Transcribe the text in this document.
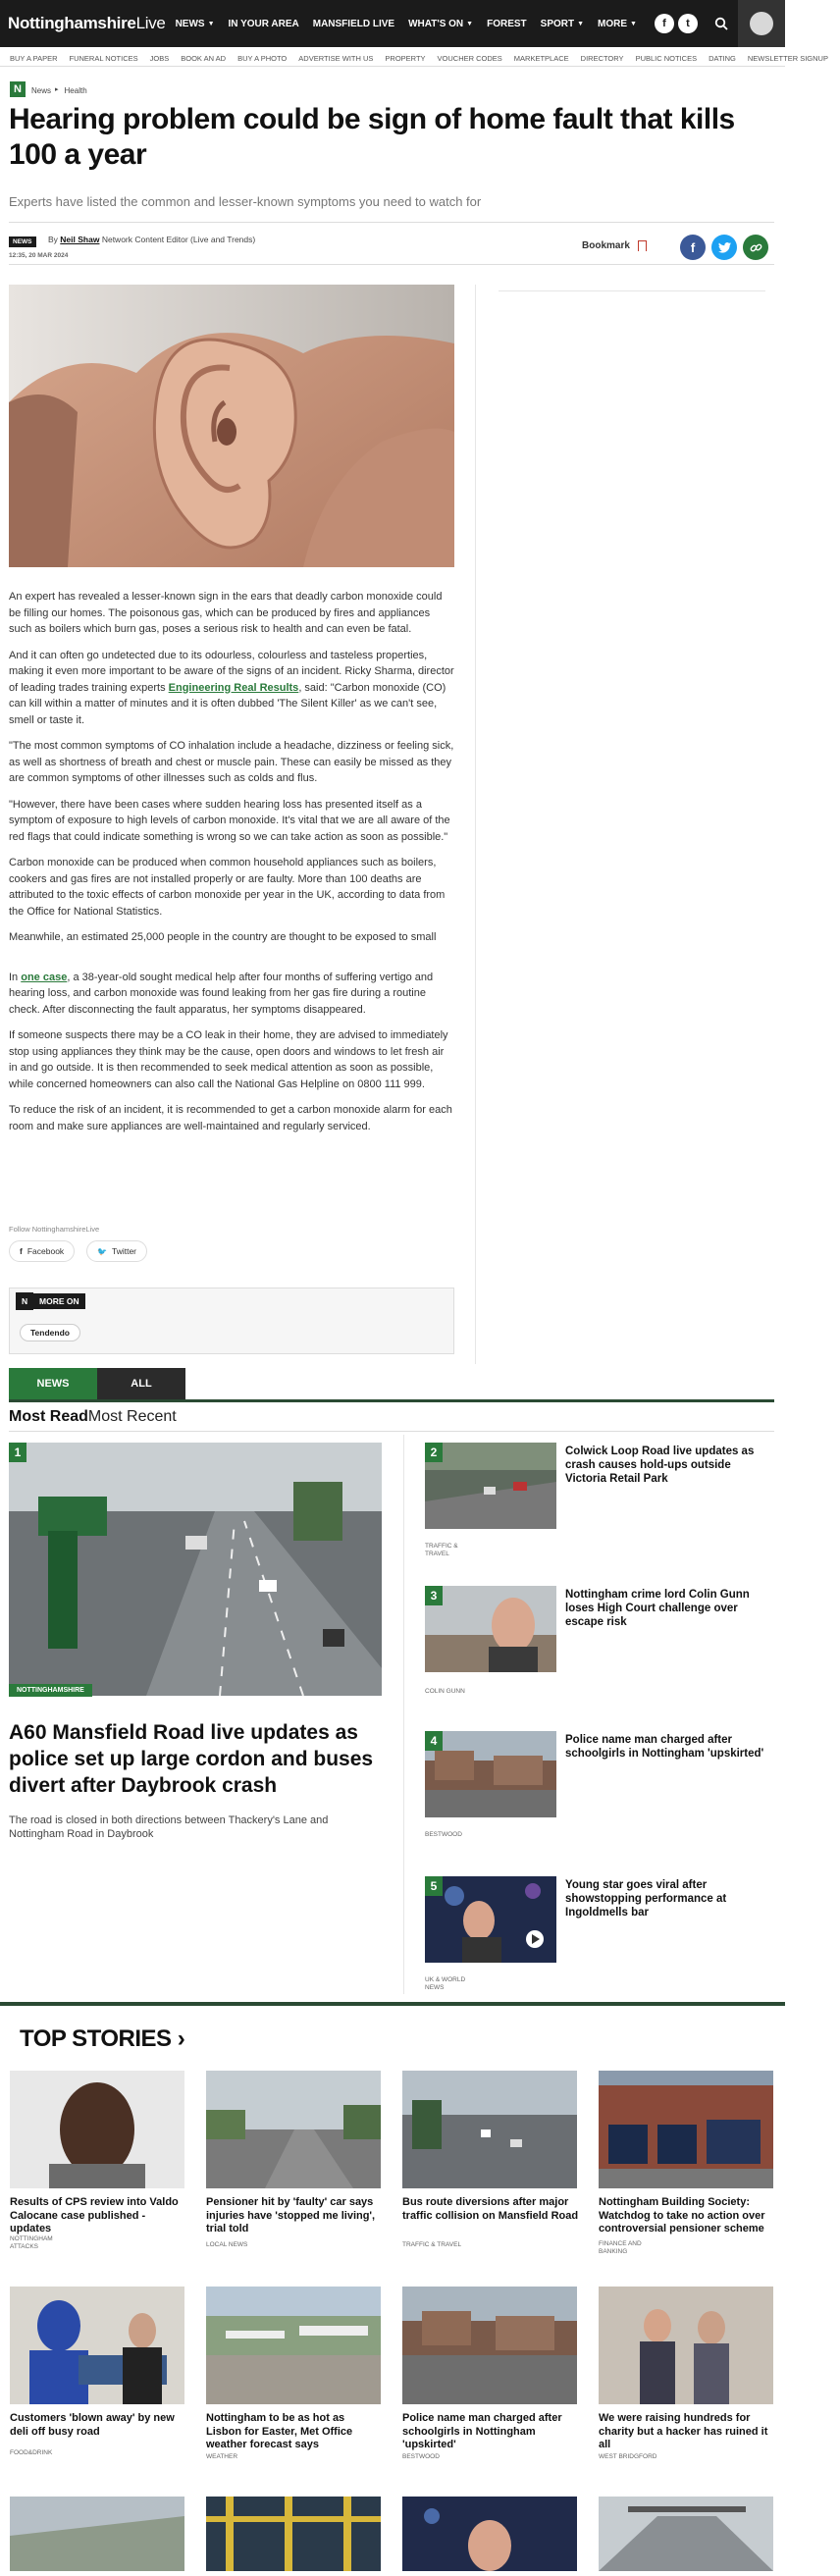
NottinghamshireLive NEWS ▼ IN YOUR AREA MANSFIELD LIVE WHAT'S ON ▼ FOREST SPORT ▼ MORE ▼	f	t
BUY A PAPER	FUNERAL NOTICES	JOBS	BOOK AN AD	BUY A PHOTO	ADVERTISE WITH US	PROPERTY	VOUCHER CODES	MARKETPLACE	DIRECTORY	PUBLIC NOTICES	DATING	NEWSLETTER SIGNUP
N	News ▸ Health
Hearing problem could be sign of home fault that kills 100 a year

Experts have listed the common and lesser-known symptoms you need to watch for

NEWS	By Neil Shaw Network Content Editor (Live and Trends)
12:35, 20 MAR 2024
Bookmark	f

An expert has revealed a lesser-known sign in the ears that deadly carbon monoxide could be filling our homes. The poisonous gas, which can be produced by fires and appliances such as boilers which burn gas, poses a serious risk to health and can even be fatal.

And it can often go undetected due to its odourless, colourless and tasteless properties, making it even more important to be aware of the signs of an incident. Ricky Sharma, director of leading trades training experts Engineering Real Results, said: "Carbon monoxide (CO) can kill within a matter of minutes and it is often dubbed 'The Silent Killer' as we can't see, smell or taste it.

"The most common symptoms of CO inhalation include a headache, dizziness or feeling sick, as well as shortness of breath and chest or muscle pain. These can easily be missed as they are common symptoms of other illnesses such as colds and flus.

"However, there have been cases where sudden hearing loss has presented itself as a symptom of exposure to high levels of carbon monoxide. It's vital that we are all aware of the red flags that could indicate something is wrong so we can take action as soon as possible."

Carbon monoxide can be produced when common household appliances such as boilers, cookers and gas fires are not installed properly or are faulty. More than 100 deaths are attributed to the toxic effects of carbon monoxide per year in the UK, according to data from the Office for National Statistics.

Meanwhile, an estimated 25,000 people in the country are thought to be exposed to small

In one case, a 38-year-old sought medical help after four months of suffering vertigo and hearing loss, and carbon monoxide was found leaking from her gas fire during a routine check. After disconnecting the fault apparatus, her symptoms disappeared.

If someone suspects there may be a CO leak in their home, they are advised to immediately stop using appliances they think may be the cause, open doors and windows to let fresh air in and go outside. It is then recommended to seek medical attention as soon as possible, while concerned homeowners can also call the National Gas Helpline on 0800 111 999.

To reduce the risk of an incident, it is recommended to get a carbon monoxide alarm for each room and make sure appliances are well-maintained and regularly serviced.

Follow NottinghamshireLive
f Facebook	🐦 Twitter
N	MORE ON
Tendendo
NEWS	ALL
Most Read Most Recent
1
NOTTINGHAMSHIRE
A60 Mansfield Road live updates as police set up large cordon and buses divert after Daybrook crash

The road is closed in both directions between Thackery's Lane and Nottingham Road in Daybrook

2	Colwick Loop Road live updates as crash causes hold-ups outside Victoria Retail Park
TRAFFIC & TRAVEL
3	Nottingham crime lord Colin Gunn loses High Court challenge over escape risk
COLIN GUNN
4	Police name man charged after schoolgirls in Nottingham 'upskirted'
BESTWOOD
5	Young star goes viral after showstopping performance at Ingoldmells bar
UK & WORLD NEWS
TOP STORIES ›
Results of CPS review into Valdo Calocane case published - updates
NOTTINGHAM ATTACKS
Pensioner hit by 'faulty' car says injuries have 'stopped me living', trial told
LOCAL NEWS
Bus route diversions after major traffic collision on Mansfield Road
TRAFFIC & TRAVEL
Nottingham Building Society: Watchdog to take no action over controversial pensioner scheme
FINANCE AND BANKING
Customers 'blown away' by new deli off busy road
FOOD&DRINK
Nottingham to be as hot as Lisbon for Easter, Met Office weather forecast says
WEATHER
Police name man charged after schoolgirls in Nottingham 'upskirted'
BESTWOOD
We were raising hundreds for charity but a hacker has ruined it all
WEST BRIDGFORD
